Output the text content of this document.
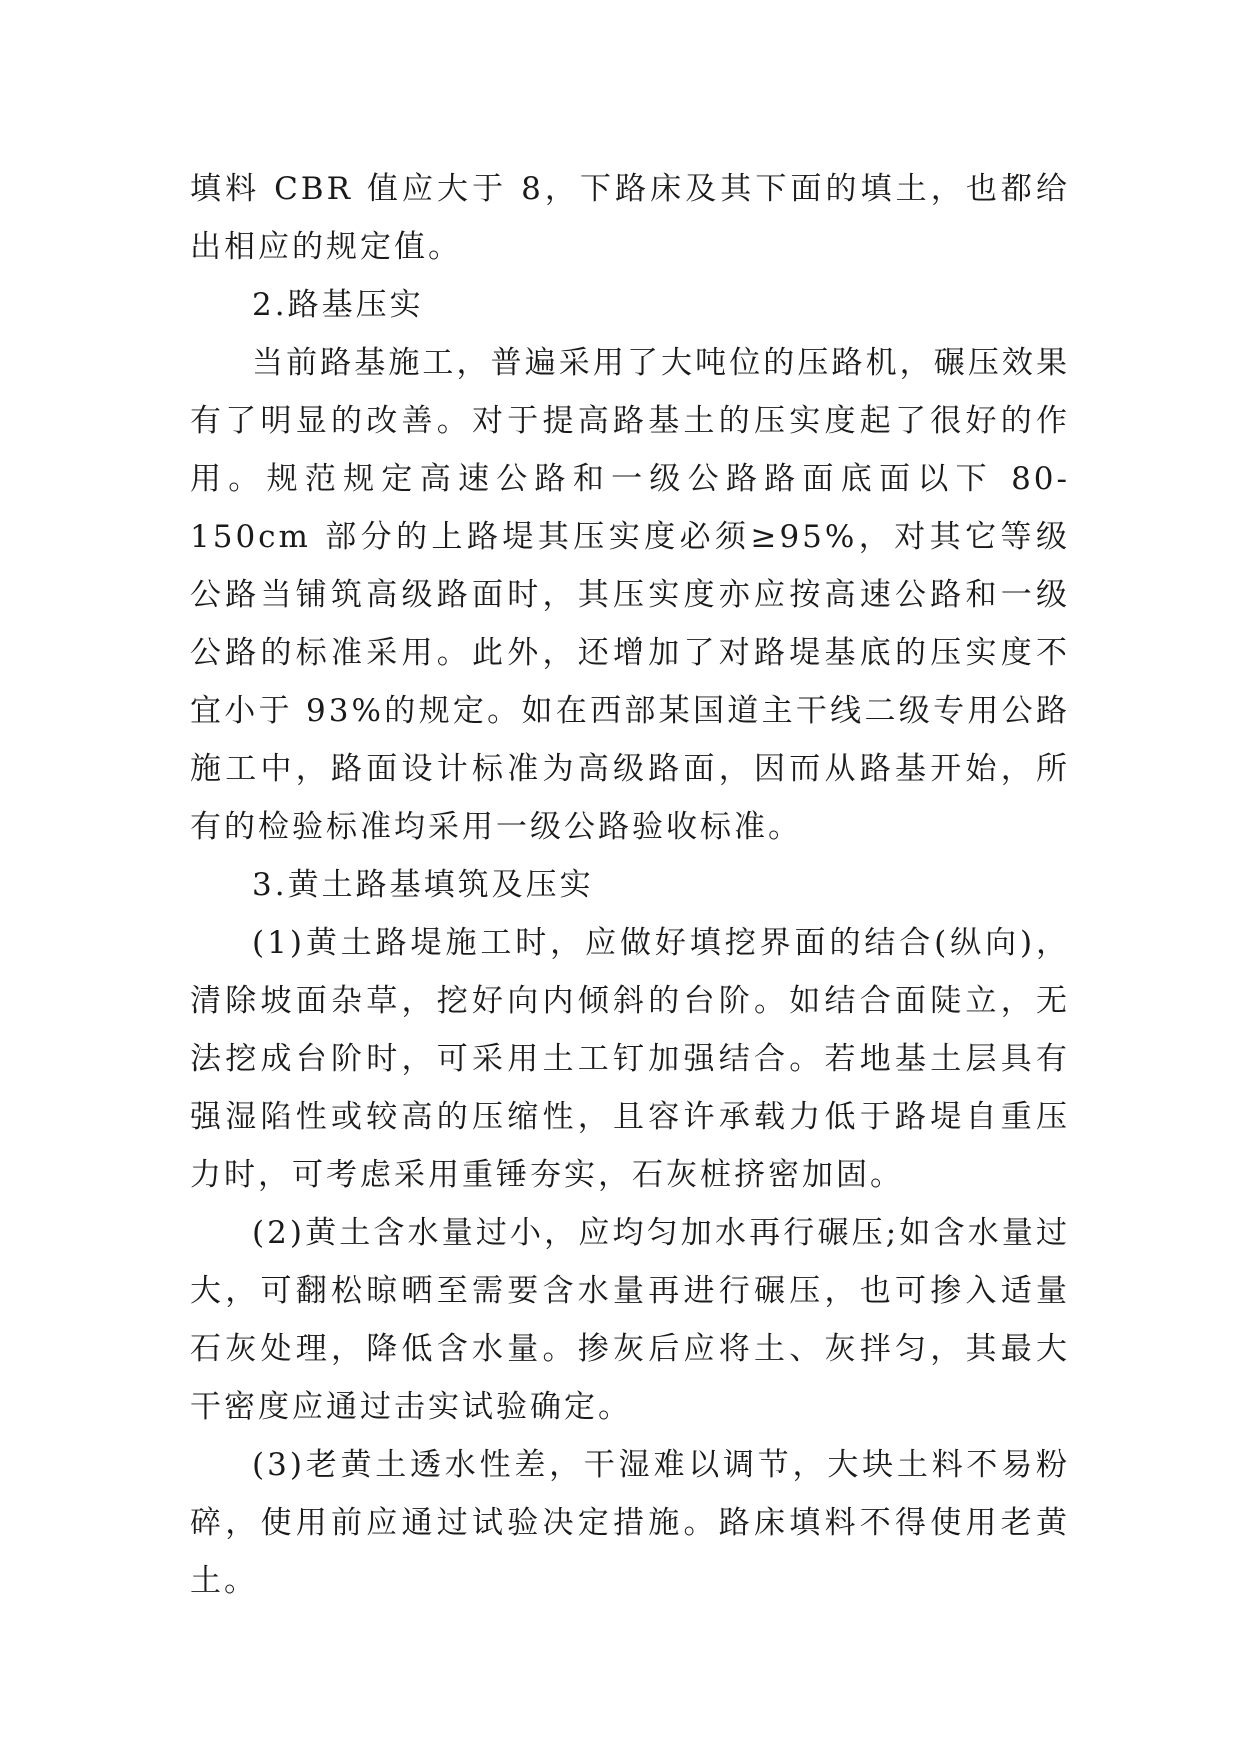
填料 CBR 值应大于 8，下路床及其下面的填土，也都给出相应的规定值。

2.路基压实

当前路基施工，普遍采用了大吨位的压路机，碾压效果有了明显的改善。对于提高路基土的压实度起了很好的作用。规范规定高速公路和一级公路路面底面以下 80-150cm 部分的上路堤其压实度必须≥95%，对其它等级公路当铺筑高级路面时，其压实度亦应按高速公路和一级公路的标准采用。此外，还增加了对路堤基底的压实度不宜小于 93%的规定。如在西部某国道主干线二级专用公路施工中，路面设计标准为高级路面，因而从路基开始，所有的检验标准均采用一级公路验收标准。

3.黄土路基填筑及压实

(1)黄土路堤施工时，应做好填挖界面的结合(纵向)，清除坡面杂草，挖好向内倾斜的台阶。如结合面陡立，无法挖成台阶时，可采用土工钉加强结合。若地基土层具有强湿陷性或较高的压缩性，且容许承载力低于路堤自重压力时，可考虑采用重锤夯实，石灰桩挤密加固。

(2)黄土含水量过小，应均匀加水再行碾压;如含水量过大，可翻松晾晒至需要含水量再进行碾压，也可掺入适量石灰处理，降低含水量。掺灰后应将土、灰拌匀，其最大干密度应通过击实试验确定。

(3)老黄土透水性差，干湿难以调节，大块土料不易粉碎，使用前应通过试验决定措施。路床填料不得使用老黄土。
